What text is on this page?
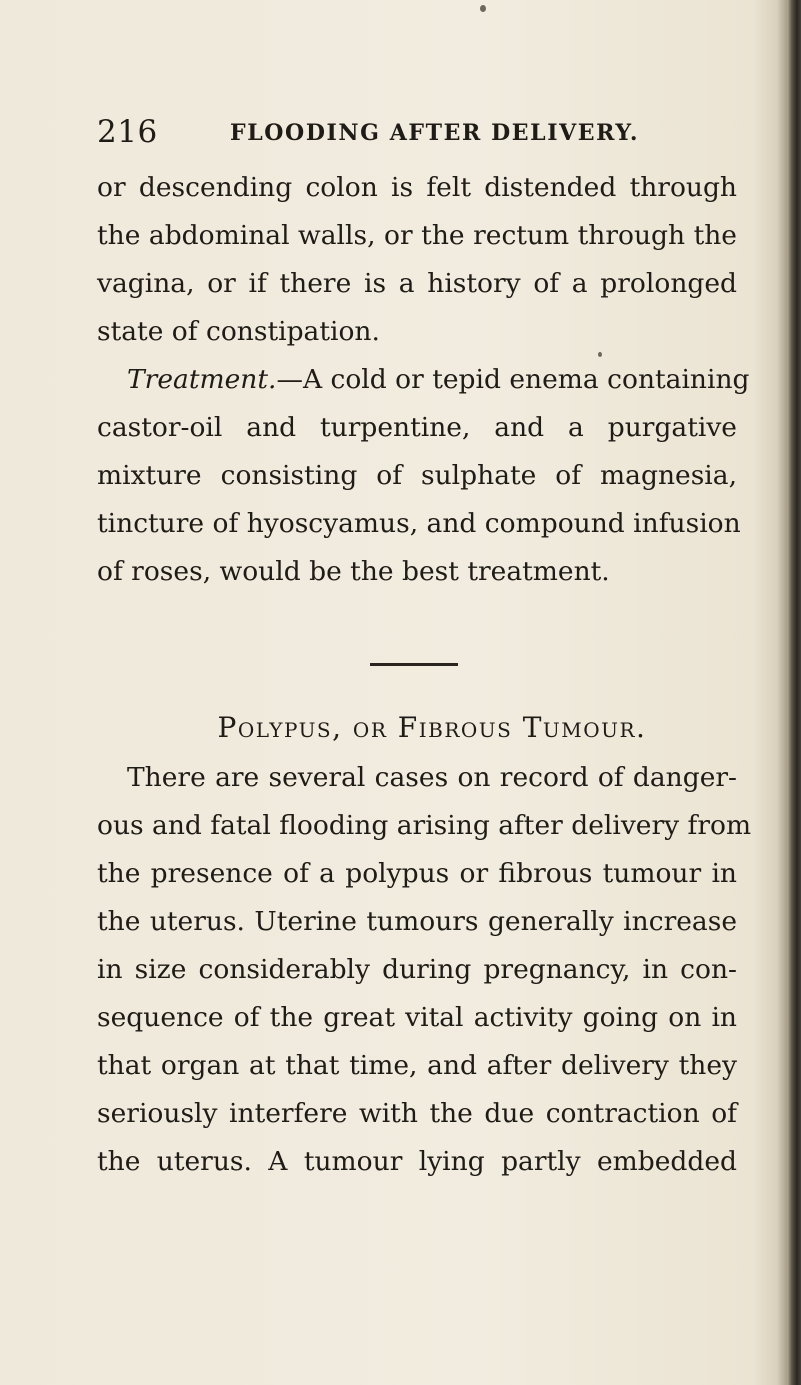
216	FLOODING AFTER DELIVERY.
or descending colon is felt distended through
the abdominal walls, or the rectum through the
vagina, or if there is a history of a prolonged
state of constipation.
Treatment.—A cold or tepid enema containing
castor-oil and turpentine, and a purgative
mixture consisting of sulphate of magnesia,
tincture of hyoscyamus, and compound infusion
of roses, would be the best treatment.
Polypus, or Fibrous Tumour.
There are several cases on record of danger-
ous and fatal flooding arising after delivery from
the presence of a polypus or fibrous tumour in
the uterus. Uterine tumours generally increase
in size considerably during pregnancy, in con-
sequence of the great vital activity going on in
that organ at that time, and after delivery they
seriously interfere with the due contraction of
the uterus. A tumour lying partly embedded
